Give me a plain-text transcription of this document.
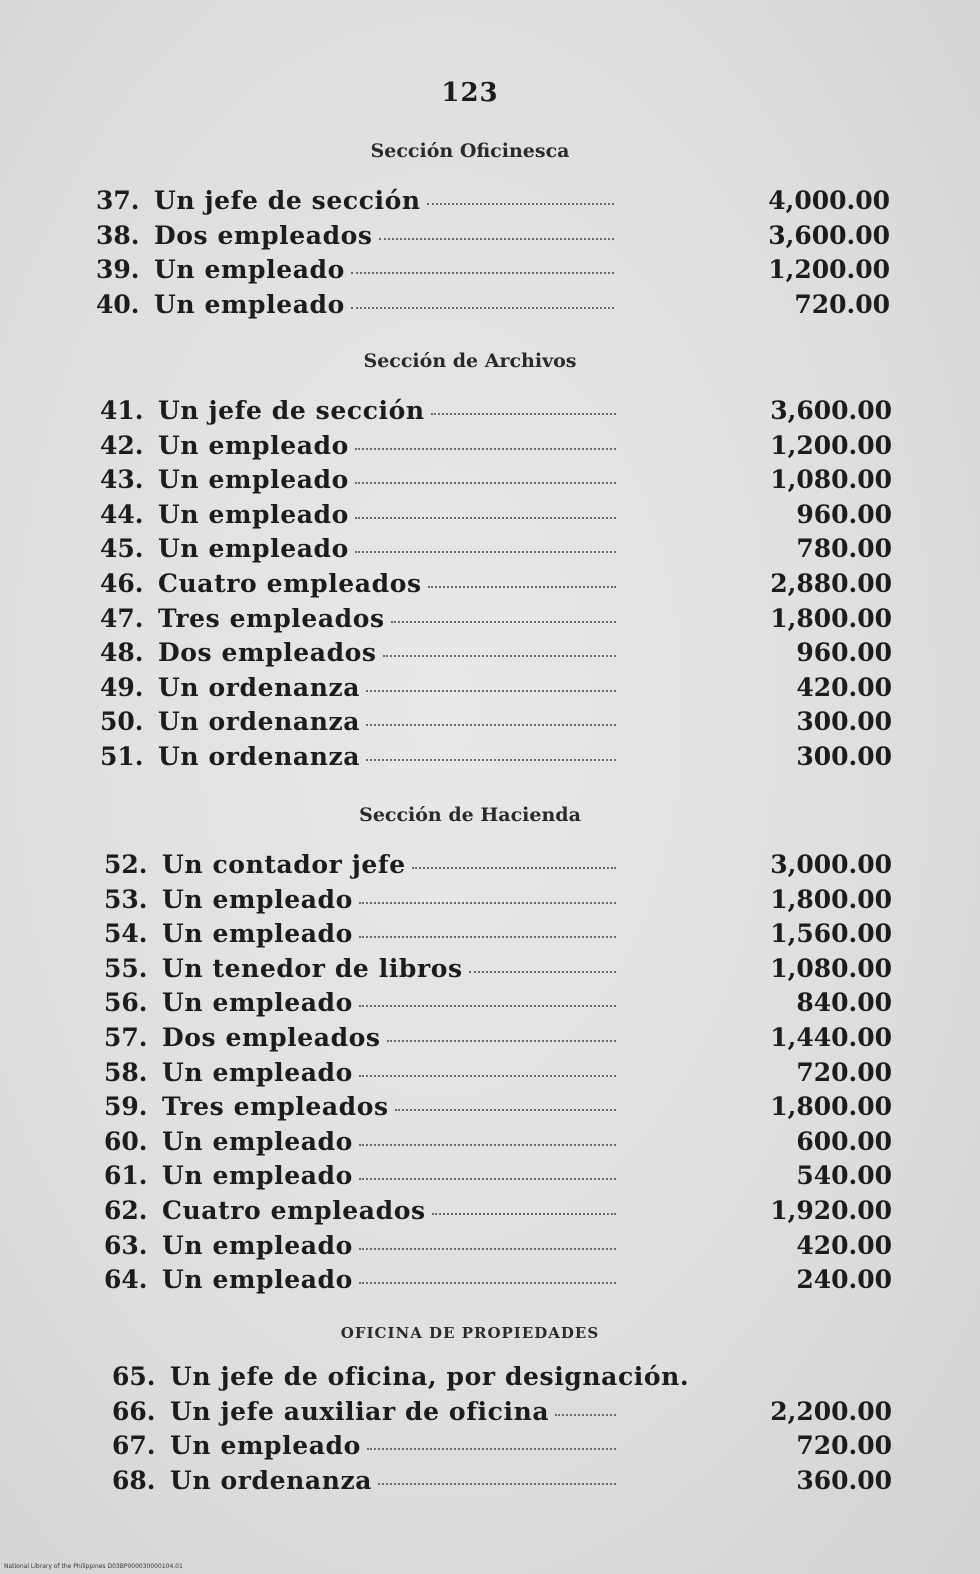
123
Sección Oficinesca
37. Un jefe de sección	4,000.00
38. Dos empleados	3,600.00
39. Un empleado	1,200.00
40. Un empleado	720.00
Sección de Archivos
41. Un jefe de sección	3,600.00
42. Un empleado	1,200.00
43. Un empleado	1,080.00
44. Un empleado	960.00
45. Un empleado	780.00
46. Cuatro empleados	2,880.00
47. Tres empleados	1,800.00
48. Dos empleados	960.00
49. Un ordenanza	420.00
50. Un ordenanza	300.00
51. Un ordenanza	300.00
Sección de Hacienda
52. Un contador jefe	3,000.00
53. Un empleado	1,800.00
54. Un empleado	1,560.00
55. Un tenedor de libros	1,080.00
56. Un empleado	840.00
57. Dos empleados	1,440.00
58. Un empleado	720.00
59. Tres empleados	1,800.00
60. Un empleado	600.00
61. Un empleado	540.00
62. Cuatro empleados	1,920.00
63. Un empleado	420.00
64. Un empleado	240.00
OFICINA DE PROPIEDADES
65. Un jefe de oficina, por designación.
66. Un jefe auxiliar de oficina	2,200.00
67. Un empleado	720.00
68. Un ordenanza	360.00
National Library of the Philippines D03BP000030000104.01
